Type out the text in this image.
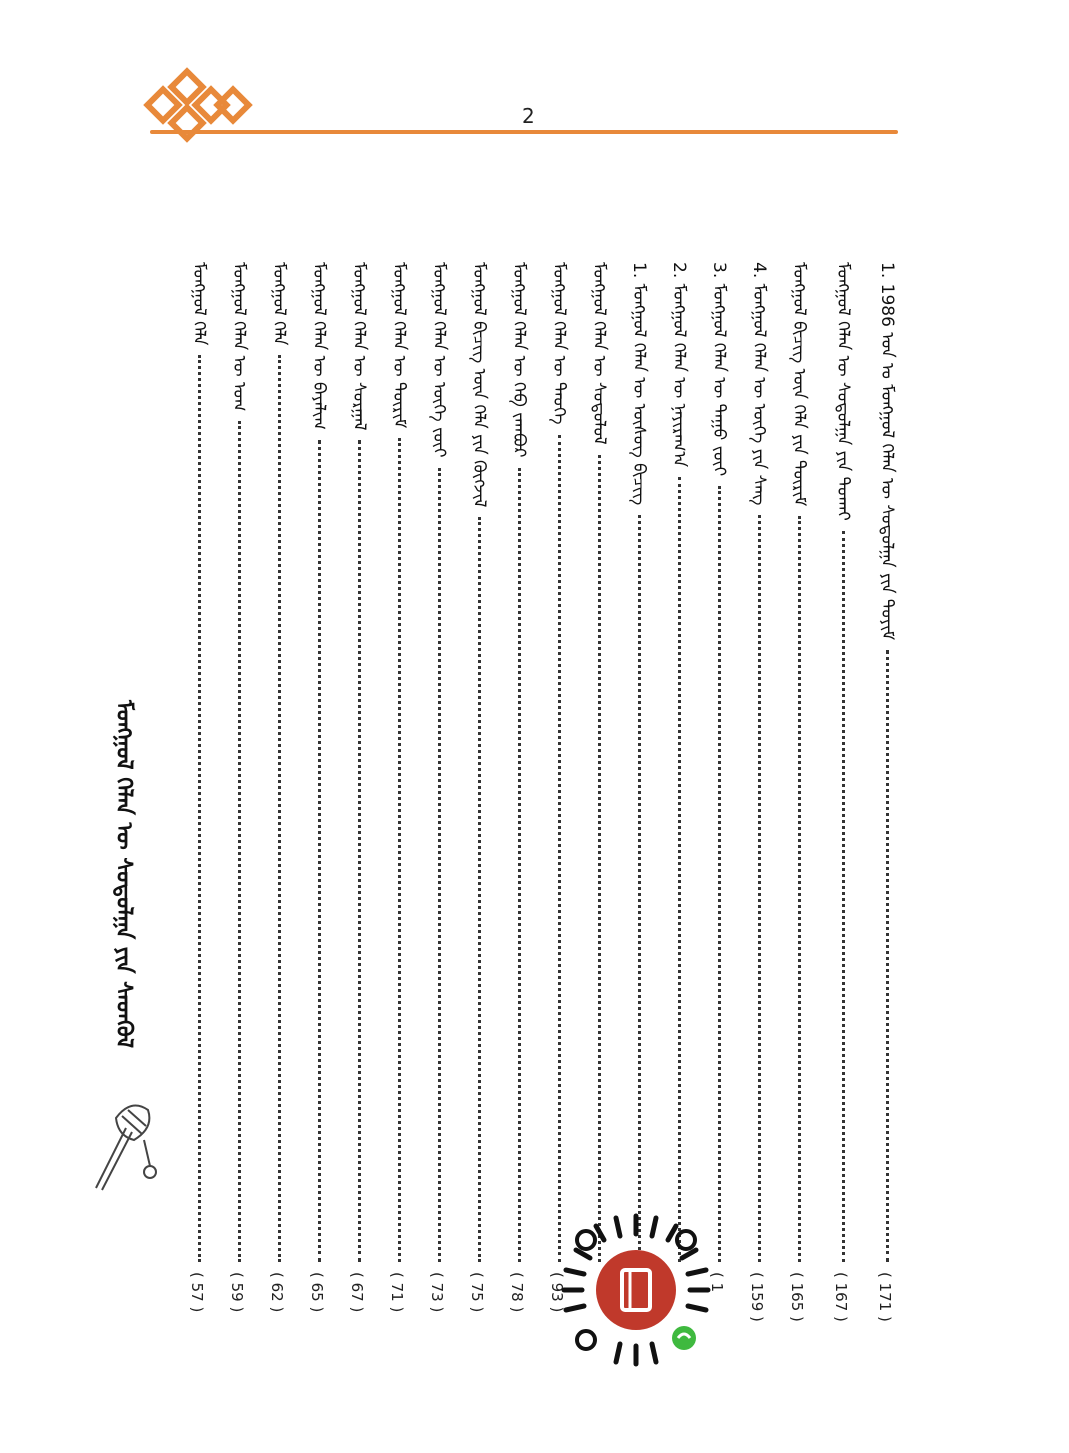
2
1. 1986 ᠣᠨ ᠤ ᠮᠣᠩᠭᠣᠯ ᠬᠡᠯᠡᠨ ᠦ ᠰᠤᠳᠤᠯᠭᠠ ᠶᠢᠨ ᠲᠣᠶᠢᠮ
( 171 )
ᠮᠣᠩᠭᠣᠯ ᠬᠡᠯᠡᠨ ᠦ ᠰᠤᠳᠤᠯᠭᠠ ᠶᠢᠨ ᠲᠤᠬᠠᠢ
( 167 )
ᠮᠣᠩᠭᠣᠯ ᠪᠢᠴᠢᠭ ᠦᠨ ᠬᠡᠯᠡ ᠶᠢᠨ ᠳᠦᠷᠢᠮ
( 165 )
4. ᠮᠣᠩᠭᠣᠯ ᠬᠡᠯᠡᠨ ᠦ ᠦᠭᠡ ᠶᠢᠨ ᠰᠠᠩ
( 159 )
3. ᠮᠣᠩᠭᠣᠯ ᠬᠡᠯᠡᠨ ᠦ ᠳᠠᠭᠤ ᠵᠦᠢ
( 1
2. ᠮᠣᠩᠭᠣᠯ ᠬᠡᠯᠡᠨ ᠦ ᠨᠠᠶᠢᠷᠠᠭ᠎ᠠ
1. ᠮᠣᠩᠭᠣᠯ ᠬᠡᠯᠡᠨ ᠦ ᠦᠰᠦᠭ ᠪᠢᠴᠢᠭ
ᠮᠣᠩᠭᠣᠯ ᠬᠡᠯᠡᠨ ᠦ ᠰᠤᠳᠤᠯᠤᠯ
ᠮᠣᠩᠭᠣᠯ ᠬᠡᠯᠡᠨ ᠦ ᠲᠡᠦᠬᠡ
( 93 )
ᠮᠣᠩᠭᠣᠯ ᠬᠡᠯᠡᠨ ᠦ ᠬᠡᠪ ᠵᠠᠭᠪᠤᠷ
( 78 )
ᠮᠣᠩᠭᠣᠯ ᠪᠢᠴᠢᠭ ᠦᠨ ᠬᠡᠯᠡ ᠶᠢᠨ ᠬᠥᠭᠵᠢᠯ
( 75 )
ᠮᠣᠩᠭᠣᠯ ᠬᠡᠯᠡᠨ ᠦ ᠦᠭᠡ ᠵᠦᠢ
( 73 )
ᠮᠣᠩᠭᠣᠯ ᠬᠡᠯᠡᠨ ᠦ ᠳᠦᠷᠢᠮ
( 71 )
ᠮᠣᠩᠭᠣᠯ ᠬᠡᠯᠡᠨ ᠦ ᠰᠤᠷᠭᠠᠯ
( 67 )
ᠮᠣᠩᠭᠣᠯ ᠬᠡᠯᠡᠨ ᠦ ᠪᠠᠶᠠᠯᠢᠭ
( 65 )
ᠮᠣᠩᠭᠣᠯ ᠬᠡᠯᠡ
( 62 )
ᠮᠣᠩᠭᠣᠯ ᠬᠡᠯᠡᠨ ᠦ ᠤᠭ
( 59 )
ᠮᠣᠩᠭᠣᠯ ᠬᠡᠯᠡ
( 57 )
ᠮᠣᠩᠭᠣᠯ ᠬᠡᠯᠡᠨ ᠦ ᠰᠤᠳᠤᠯᠭᠠ ᠶᠢᠨ ᠰᠡᠳᠭᠦᠯ
